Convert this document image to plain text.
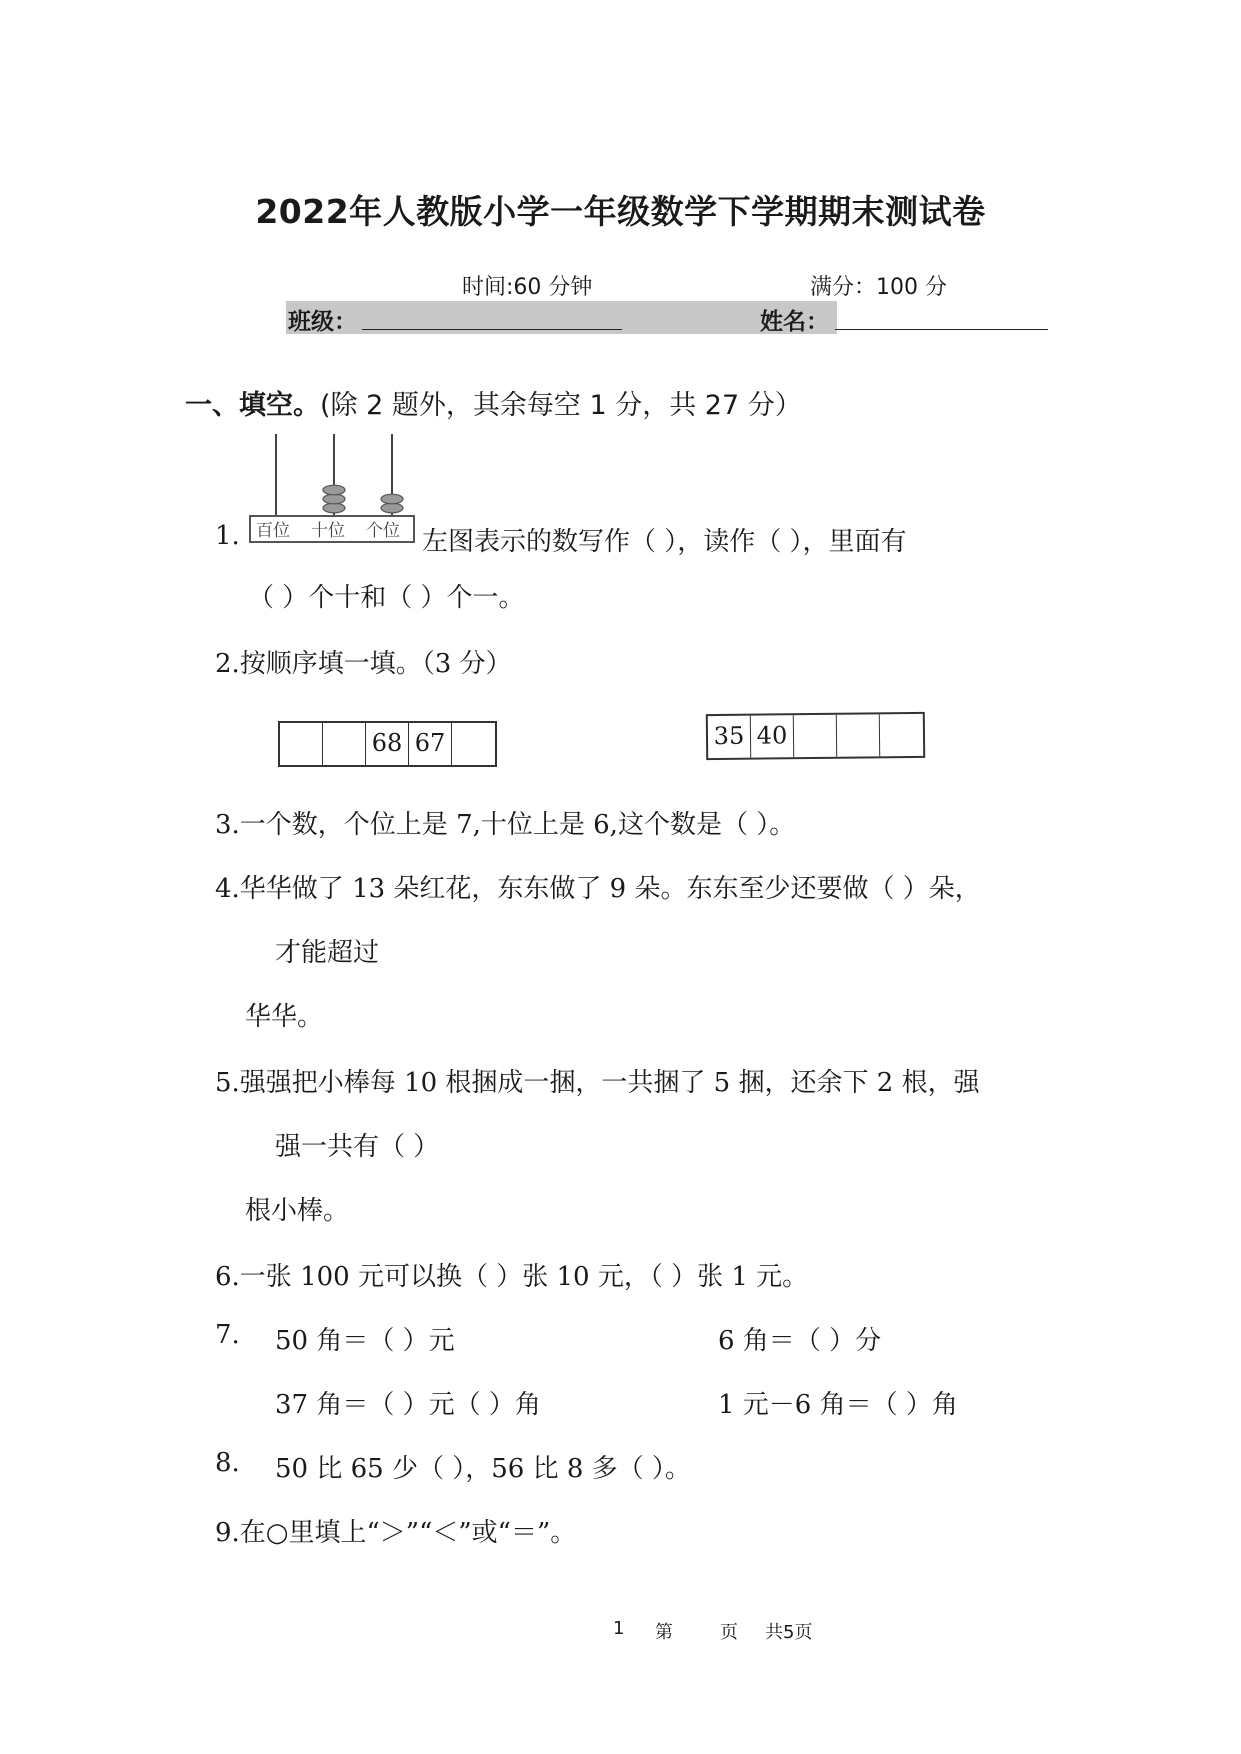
2022年人教版小学一年级数学下学期期末测试卷
时间:60 分钟	满分：100 分
班级：	姓名：
一、填空。(除 2 题外，其余每空 1 分，共 27 分）
百位 十位 个位
1.	左图表示的数写作（ ），读作（ ），里面有
（ ）个十和（ ）个一。
2.按顺序填一填。（3 分）
68 67	35 40
3.一个数，个位上是 7,十位上是 6,这个数是（ ）。
4.华华做了 13 朵红花，东东做了 9 朵。东东至少还要做（ ）朵，
才能超过
华华。
5.强强把小棒每 10 根捆成一捆，一共捆了 5 捆，还余下 2 根，强
强一共有（ ）
根小棒。
6.一张 100 元可以换（ ）张 10 元，（ ）张 1 元。
7. 50 角＝（ ）元	6 角＝（ ）分
37 角＝（ ）元（ ）角	1 元－6 角＝（ ）角
8. 50 比 65 少（ ），56 比 8 多（ ）。
9.在○里填上“＞”“＜”或“＝”。
1 第	页 共5页
